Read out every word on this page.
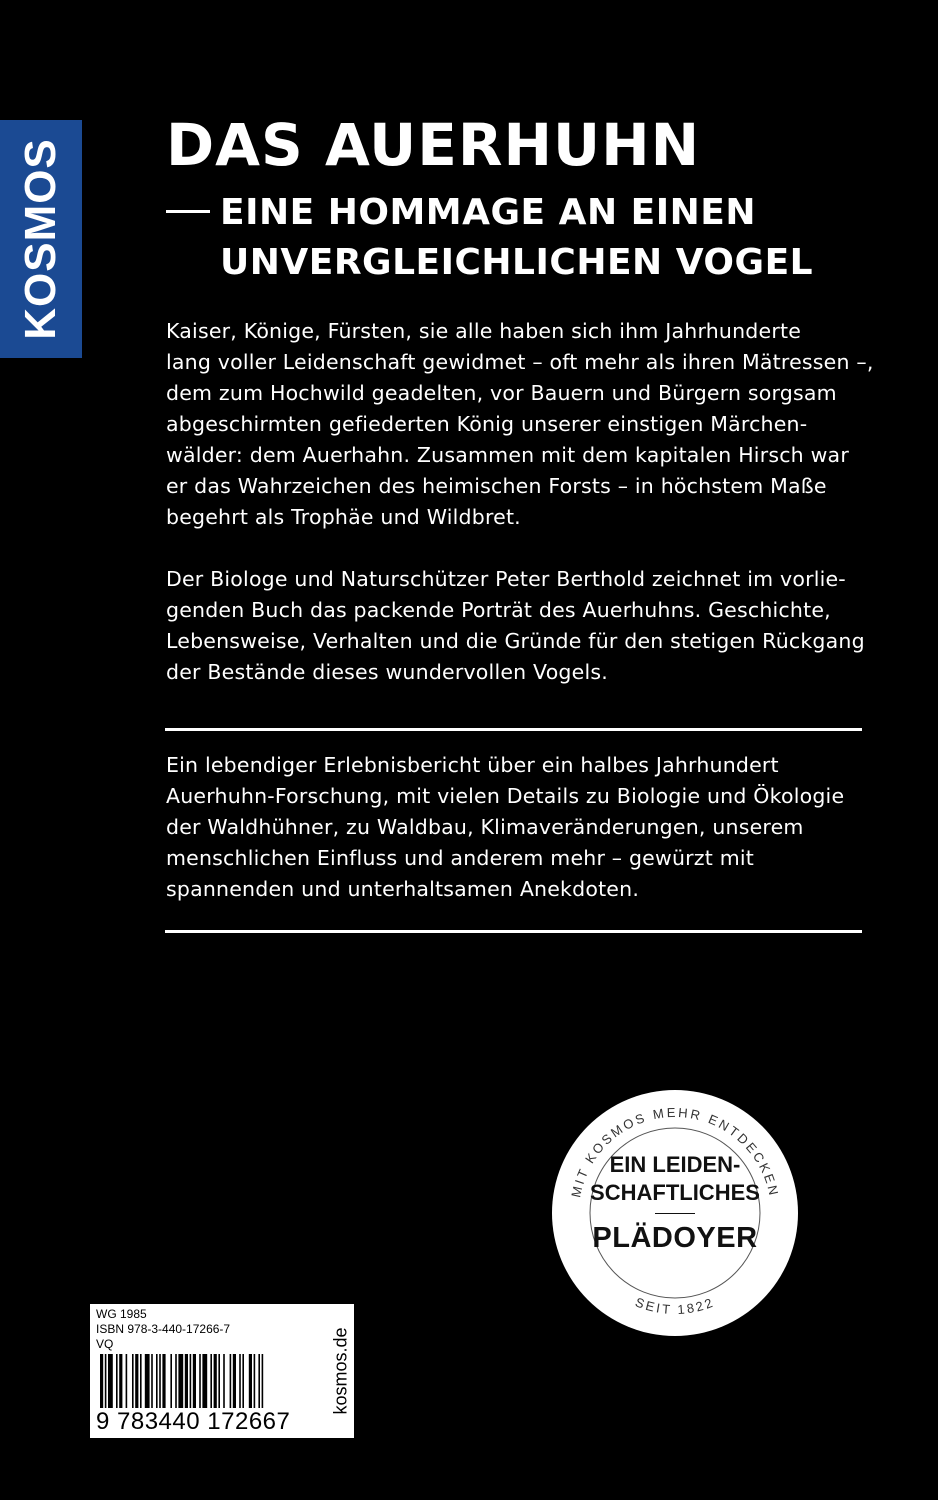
KOSMOS DAS AUERHUHN
EINE HOMMAGE AN EINEN
UNVERGLEICHLICHEN VOGEL

Kaiser, Könige, Fürsten, sie alle haben sich ihm Jahrhunderte
lang voller Leidenschaft gewidmet – oft mehr als ihren Mätressen –,
dem zum Hochwild geadelten, vor Bauern und Bürgern sorgsam
abgeschirmten gefiederten König unserer einstigen Märchen-
wälder: dem Auerhahn. Zusammen mit dem kapitalen Hirsch war
er das Wahrzeichen des heimischen Forsts – in höchstem Maße
begehrt als Trophäe und Wildbret.

Der Biologe und Naturschützer Peter Berthold zeichnet im vorlie-
genden Buch das packende Porträt des Auerhuhns. Geschichte,
Lebensweise, Verhalten und die Gründe für den stetigen Rückgang
der Bestände dieses wundervollen Vogels.

Ein lebendiger Erlebnisbericht über ein halbes Jahrhundert
Auerhuhn-Forschung, mit vielen Details zu Biologie und Ökologie
der Waldhühner, zu Waldbau, Klimaveränderungen, unserem
menschlichen Einfluss und anderem mehr – gewürzt mit
spannenden und unterhaltsamen Anekdoten.

MIT KOSMOS MEHR ENTDECKEN
SEIT 1822
EIN LEIDEN-
SCHAFTLICHES
PLÄDOYER
WG 1985
ISBN 978-3-440-17266-7
VQ
9 783440 172667
kosmos.de
